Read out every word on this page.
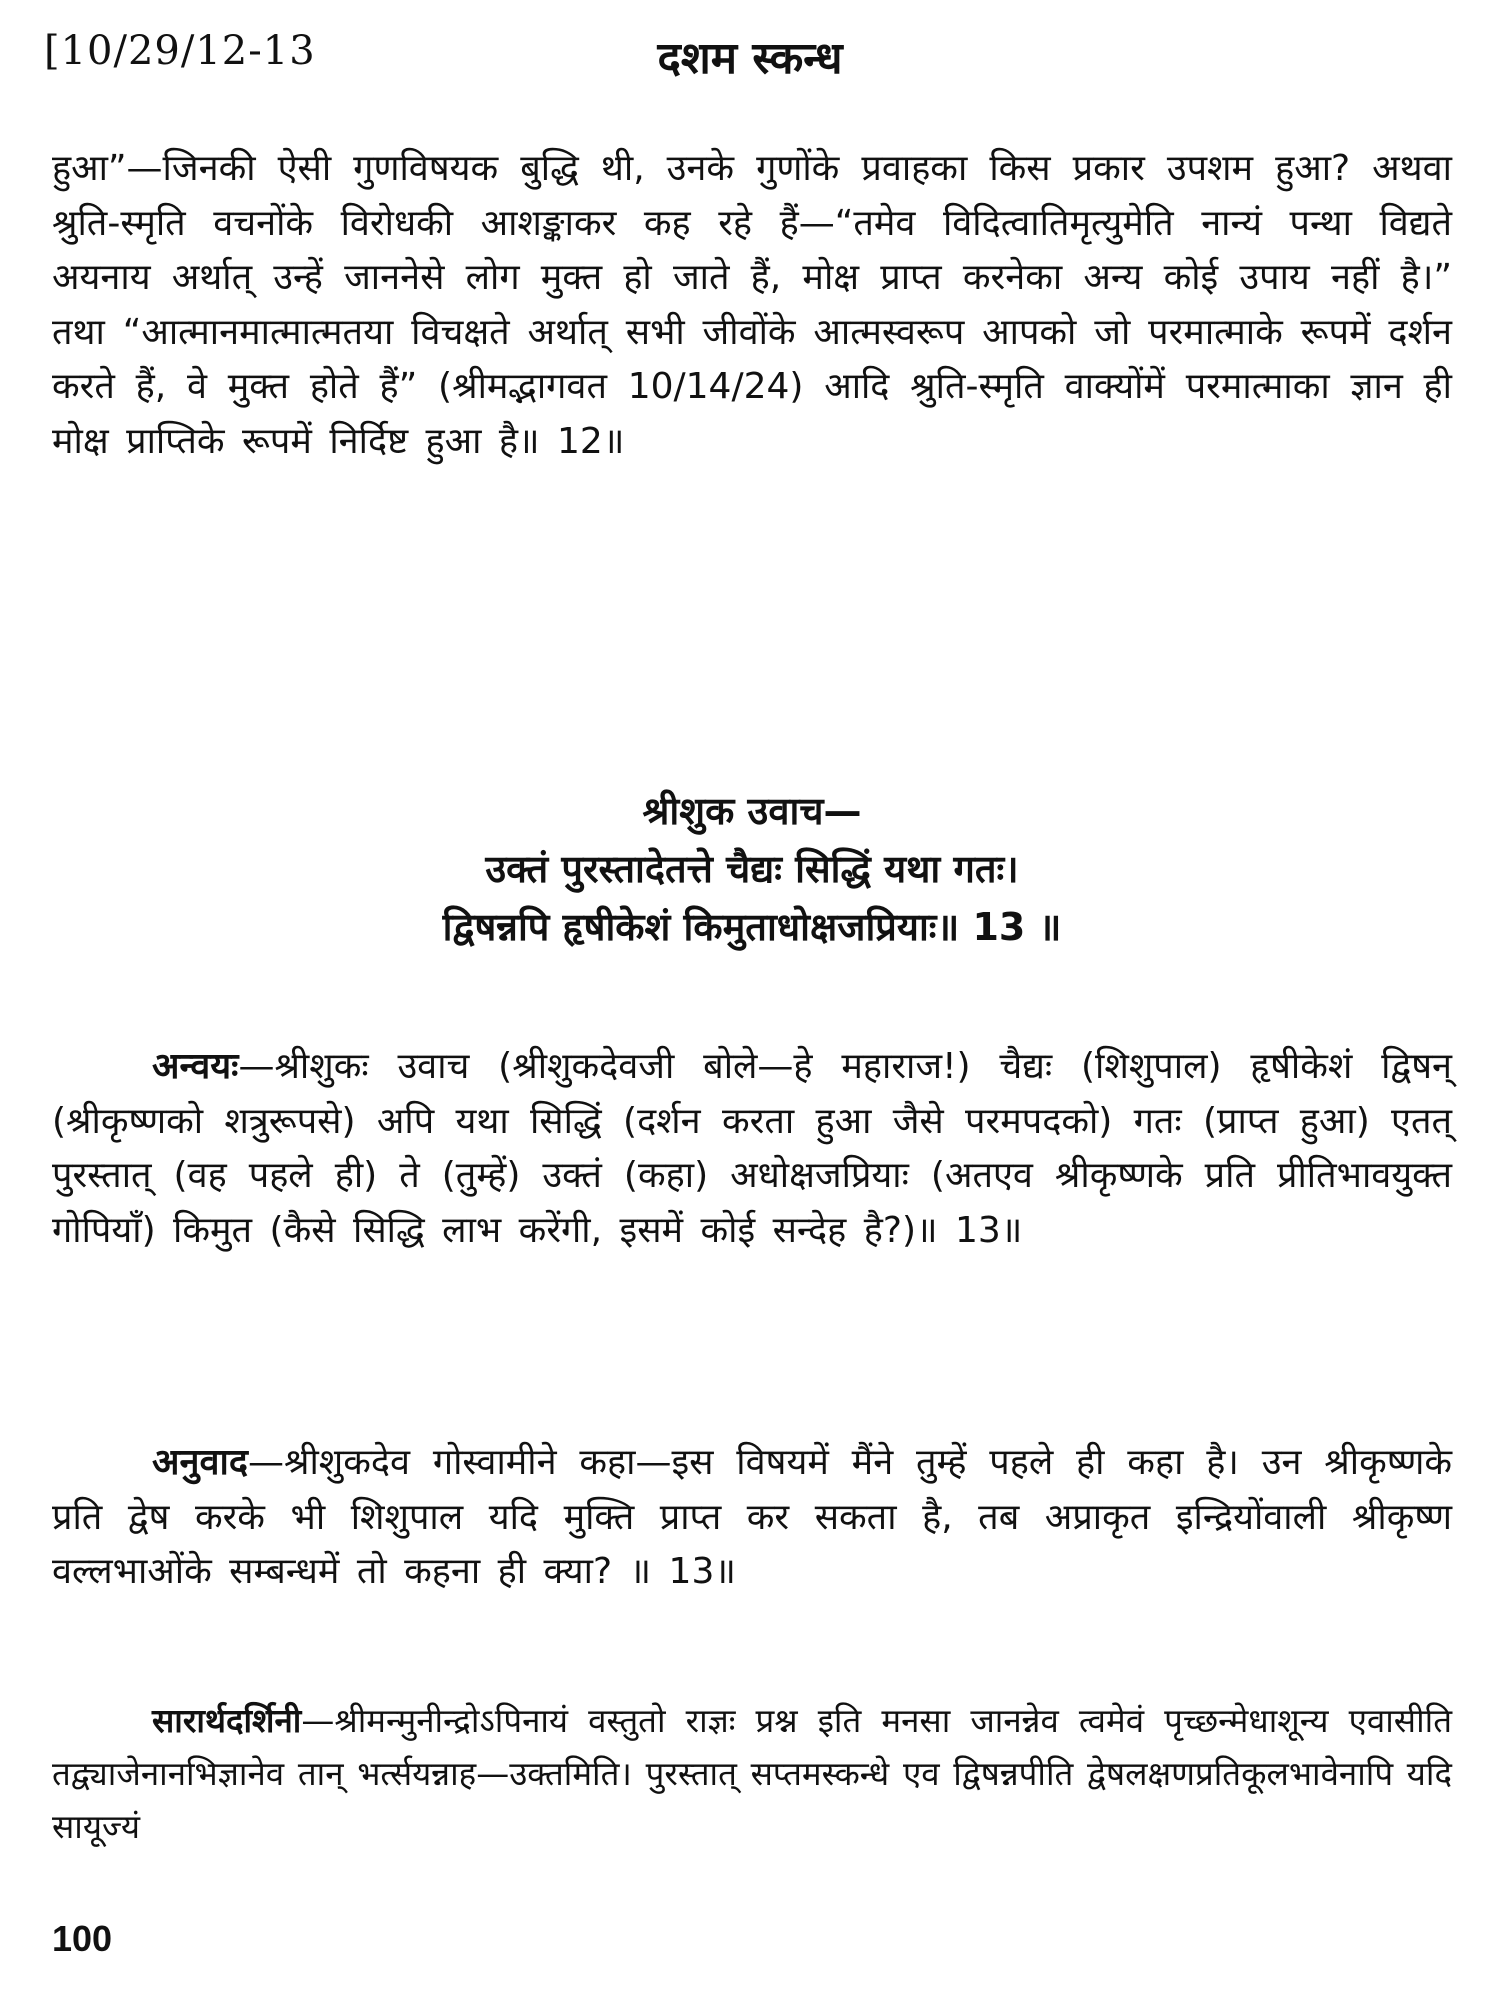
[10/29/12-13	दशम स्कन्ध

हुआ”—जिनकी ऐसी गुणविषयक बुद्धि थी, उनके गुणोंके प्रवाहका किस प्रकार उपशम हुआ? अथवा श्रुति-स्मृति वचनोंके विरोधकी आशङ्काकर कह रहे हैं—“तमेव विदित्वातिमृत्युमेति नान्यं पन्था विद्यते अयनाय अर्थात् उन्हें जाननेसे लोग मुक्त हो जाते हैं, मोक्ष प्राप्त करनेका अन्य कोई उपाय नहीं है।” तथा “आत्मानमात्मात्मतया विचक्षते अर्थात् सभी जीवोंके आत्मस्वरूप आपको जो परमात्माके रूपमें दर्शन करते हैं, वे मुक्त होते हैं” (श्रीमद्भागवत 10/14/24) आदि श्रुति-स्मृति वाक्योंमें परमात्माका ज्ञान ही मोक्ष प्राप्तिके रूपमें निर्दिष्ट हुआ है॥ 12॥

श्रीशुक उवाच—
उक्तं पुरस्तादेतत्ते चैद्यः सिद्धिं यथा गतः।
द्विषन्नपि हृषीकेशं किमुताधोक्षजप्रियाः॥ 13 ॥

अन्वयः—श्रीशुकः उवाच (श्रीशुकदेवजी बोले—हे महाराज!) चैद्यः (शिशुपाल) हृषीकेशं द्विषन् (श्रीकृष्णको शत्रुरूपसे) अपि यथा सिद्धिं (दर्शन करता हुआ जैसे परमपदको) गतः (प्राप्त हुआ) एतत् पुरस्तात् (वह पहले ही) ते (तुम्हें) उक्तं (कहा) अधोक्षजप्रियाः (अतएव श्रीकृष्णके प्रति प्रीतिभावयुक्त गोपियाँ) किमुत (कैसे सिद्धि लाभ करेंगी, इसमें कोई सन्देह है?)॥ 13॥

अनुवाद—श्रीशुकदेव गोस्वामीने कहा—इस विषयमें मैंने तुम्हें पहले ही कहा है। उन श्रीकृष्णके प्रति द्वेष करके भी शिशुपाल यदि मुक्ति प्राप्त कर सकता है, तब अप्राकृत इन्द्रियोंवाली श्रीकृष्ण वल्लभाओंके सम्बन्धमें तो कहना ही क्या? ॥ 13॥

सारार्थदर्शिनी—श्रीमन्मुनीन्द्रोऽपिनायं वस्तुतो राज्ञः प्रश्न इति मनसा जानन्नेव त्वमेवं पृच्छन्मेधाशून्य एवासीति तद्व्याजेनानभिज्ञानेव तान् भर्त्सयन्नाह—उक्तमिति। पुरस्तात् सप्तमस्कन्धे एव द्विषन्नपीति द्वेषलक्षणप्रतिकूलभावेनापि यदि सायूज्यं

100
